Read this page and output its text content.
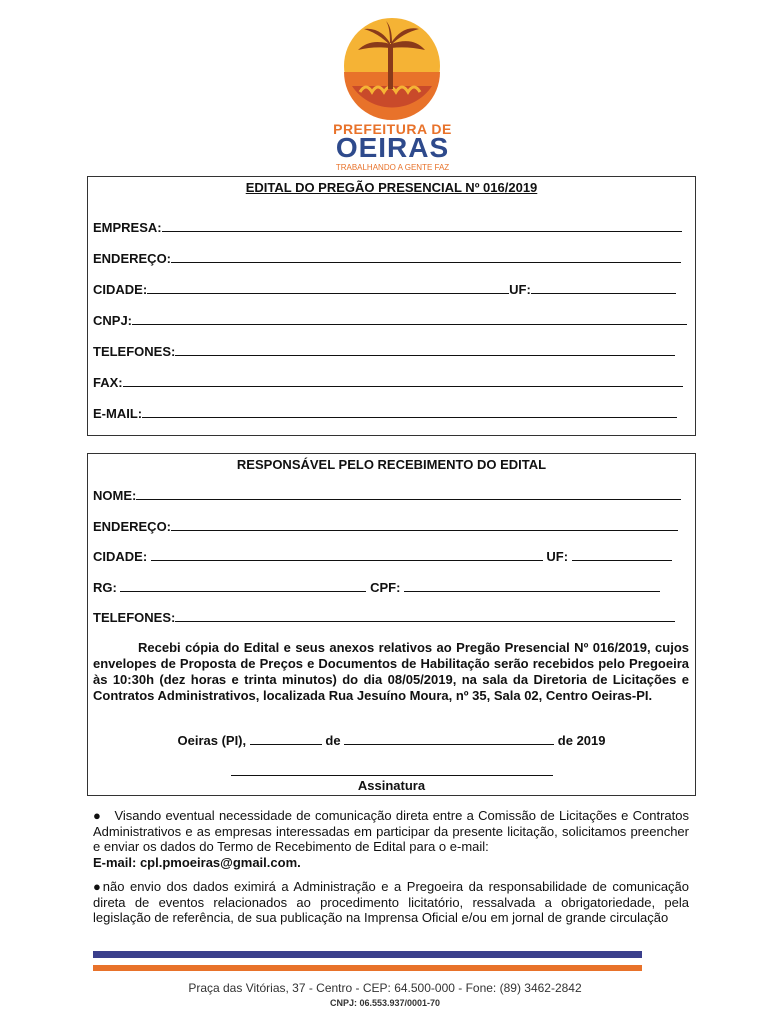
PREFEITURA DE
OEIRAS
TRABALHANDO A GENTE FAZ
EDITAL DO PREGÃO PRESENCIAL Nº 016/2019
EMPRESA:
ENDEREÇO:
CIDADE:	UF:
CNPJ:
TELEFONES:
FAX:
E-MAIL:
RESPONSÁVEL PELO RECEBIMENTO DO EDITAL
NOME:
ENDEREÇO:
CIDADE:	UF:
RG:	CPF:
TELEFONES:
Recebi cópia do Edital e seus anexos relativos ao Pregão Presencial Nº 016/2019, cujos envelopes de Proposta de Preços e Documentos de Habilitação serão recebidos pelo Pregoeira às 10:30h (dez horas e trinta minutos) do dia 08/05/2019, na sala da Diretoria de Licitações e Contratos Administrativos, localizada Rua Jesuíno Moura, nº 35, Sala 02, Centro Oeiras-PI.
Oeiras (PI),	de	de 2019
Assinatura
● Visando eventual necessidade de comunicação direta entre a Comissão de Licitações e Contratos Administrativos e as empresas interessadas em participar da presente licitação, solicitamos preencher e enviar os dados do Termo de Recebimento de Edital para o e-mail:
E-mail: cpl.pmoeiras@gmail.com.
●não envio dos dados eximirá a Administração e a Pregoeira da responsabilidade de comunicação direta de eventos relacionados ao procedimento licitatório, ressalvada a obrigatoriedade, pela legislação de referência, de sua publicação na Imprensa Oficial e/ou em jornal de grande circulação
Praça das Vitórias, 37 - Centro - CEP: 64.500-000 - Fone: (89) 3462-2842
CNPJ: 06.553.937/0001-70
